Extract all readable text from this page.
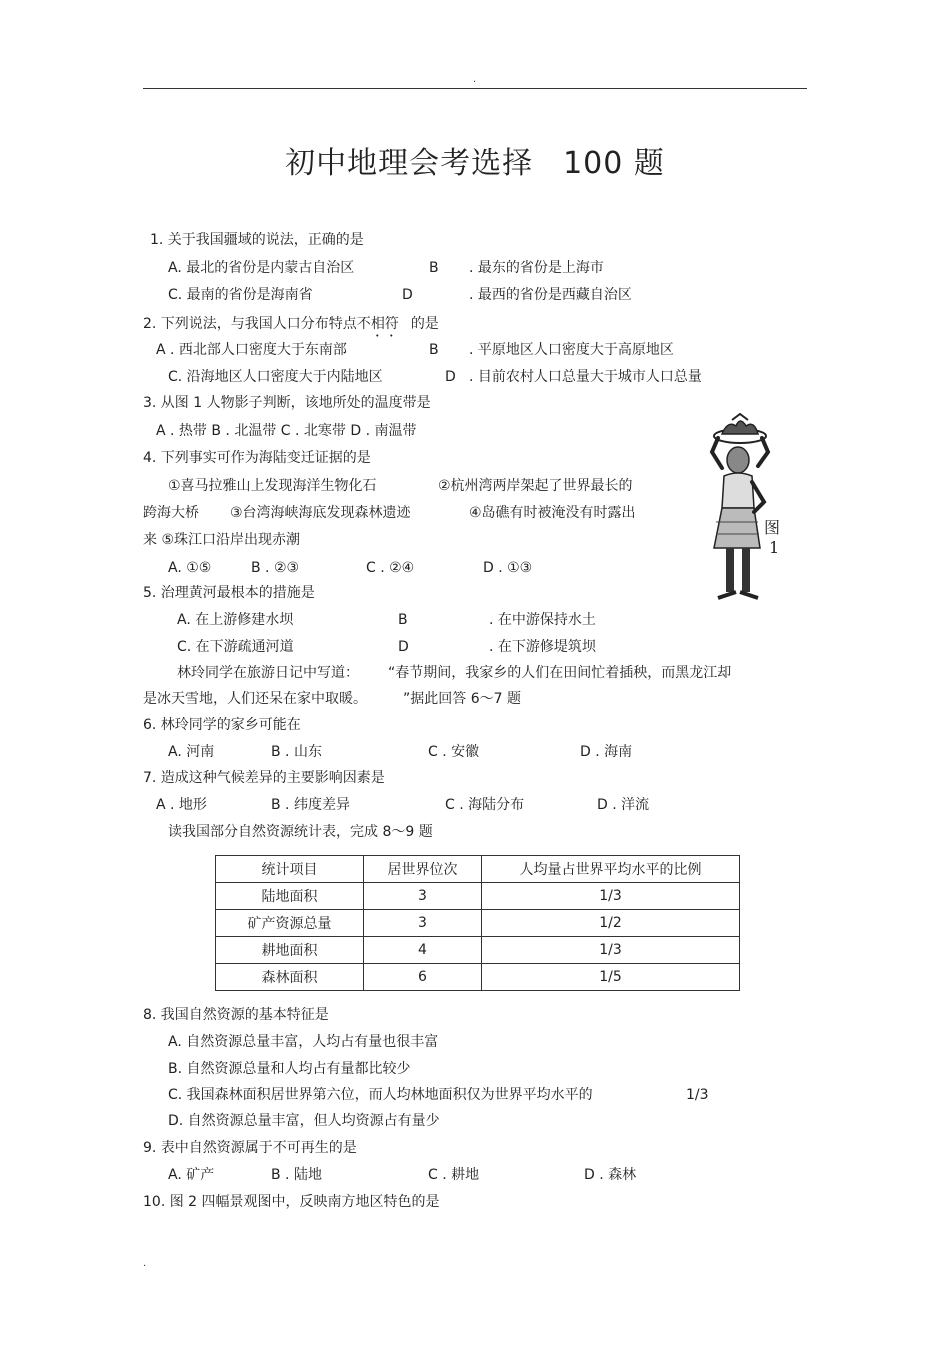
.
初中地理会考选择 100 题
1. 关于我国疆域的说法，正确的是
A. 最北的省份是内蒙古自治区	B . 最东的省份是上海市
C. 最南的省份是海南省	D	. 最西的省份是西藏自治区
2. 下列说法，与我国人口分布特点不相符 的是
A . 西北部人口密度大于东南部	B . 平原地区人口密度大于高原地区
C. 沿海地区人口密度大于内陆地区	D . 目前农村人口总量大于城市人口总量
3. 从图 1 人物影子判断，该地所处的温度带是
A . 热带 B . 北温带 C . 北寒带 D . 南温带
4. 下列事实可作为海陆变迁证据的是
①喜马拉雅山上发现海洋生物化石	②杭州湾两岸架起了世界最长的
跨海大桥 ③台湾海峡海底发现森林遗迹	④岛礁有时被淹没有时露出
来 ⑤珠江口沿岸出现赤潮
A. ①⑤	B . ②③	C . ②④	D . ①③
图
1
5. 治理黄河最根本的措施是
A. 在上游修建水坝	B	. 在中游保持水土
C. 在下游疏通河道	D	. 在下游修堤筑坝
林玲同学在旅游日记中写道： “春节期间，我家乡的人们在田间忙着插秧，而黑龙江却
是冰天雪地，人们还呆在家中取暖。	”据此回答 6～7 题
6. 林玲同学的家乡可能在
A. 河南	B . 山东	C . 安徽	D . 海南
7. 造成这种气候差异的主要影响因素是
A . 地形	B . 纬度差异	C . 海陆分布	D . 洋流
读我国部分自然资源统计表，完成 8～9 题
统计项目	居世界位次	人均量占世界平均水平的比例
陆地面积	3	1/3
矿产资源总量	3	1/2
耕地面积	4	1/3
森林面积	6	1/5
8. 我国自然资源的基本特征是
A. 自然资源总量丰富，人均占有量也很丰富
B. 自然资源总量和人均占有量都比较少
C. 我国森林面积居世界第六位，而人均林地面积仅为世界平均水平的	1/3
D. 自然资源总量丰富，但人均资源占有量少
9. 表中自然资源属于不可再生的是
A. 矿产	B . 陆地	C . 耕地	D . 森林
10. 图 2 四幅景观图中，反映南方地区特色的是
.
